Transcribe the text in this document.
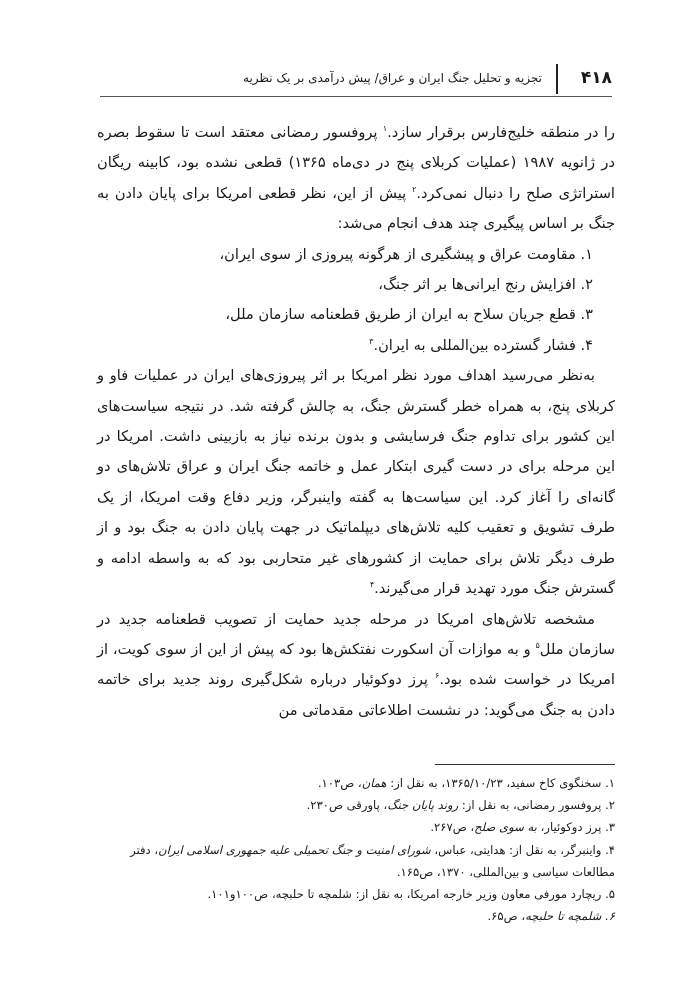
۴۱۸
تجزیه و تحلیل جنگ ایران و عراق/ پیش درآمدی بر یک نظریه

را در منطقه خلیج‌فارس برقرار سازد.$^۱$ پروفسور رمضانی معتقد است تا سقوط بصره در ژانویه ۱۹۸۷ (عملیات کربلای پنج در دی‌ماه ۱۳۶۵) قطعی نشده بود، کابینه ریگان استراتژی صلح را دنبال نمی‌کرد.$^۲$ پیش از این، نظر قطعی امریکا برای پایان دادن به جنگ بر اساس پیگیری چند هدف انجام می‌شد:

۱. مقاومت عراق و پیشگیری از هرگونه پیروزی از سوی ایران،
۲. افزایش رنج ایرانی‌ها بر اثر جنگ،
۳. قطع جریان سلاح به ایران از طریق قطعنامه سازمان ملل،
۴. فشار گسترده بین‌المللی به ایران.$^۳$

به‌نظر می‌رسید اهداف مورد نظر امریکا بر اثر پیروزی‌های ایران در عملیات فاو و کربلای پنج، به همراه خطر گسترش جنگ، به چالش گرفته شد. در نتیجه سیاست‌های این کشور برای تداوم جنگ فرسایشی و بدون برنده نیاز به بازبینی داشت. امریکا در این مرحله برای در دست گیری ابتکار عمل و خاتمه جنگ ایران و عراق تلاش‌های دو گانه‌ای را آغاز کرد. این سیاست‌ها به گفته واینبرگر، وزیر دفاع وقت امریکا، از یک طرف تشویق و تعقیب کلیه تلاش‌های دیپلماتیک در جهت پایان دادن به جنگ بود و از طرف دیگر تلاش برای حمایت از کشورهای غیر متحاربی بود که به واسطه ادامه و گسترش جنگ مورد تهدید قرار می‌گیرند.$^۴$

مشخصه تلاش‌های امریکا در مرحله جدید حمایت از تصویب قطعنامه جدید در سازمان ملل$^۵$ و به موازات آن اسکورت نفتکش‌ها بود که پیش از این از سوی کویت، از امریکا در خواست شده بود.$^۶$ پرز دوکوئیار درباره شکل‌گیری روند جدید برای خاتمه دادن به جنگ می‌گوید: در نشست اطلاعاتی مقدماتی من

۱. سخنگوی کاخ سفید، ۱۳۶۵/۱۰/۲۳، به نقل از: همان، ص۱۰۳.

۲. پروفسور رمضانی، به نقل از: روند پایان جنگ، پاورقی ص۲۳۰.

۳. پرز دوکوئیار، به سوی صلح، ص۲۶۷.

۴. واینبرگر، به نقل از: هدایتی، عباس، شورای امنیت و جنگ تحمیلی علیه جمهوری اسلامی ایران، دفتر مطالعات سیاسی و بین‌المللی، ۱۳۷۰، ص۱۶۵.

۵. ریچارد مورفی معاون وزیر خارجه امریکا، به نقل از: شلمچه تا حلبچه، ص۱۰۰و۱۰۱.

۶. شلمچه تا حلبچه، ص۶۵.
